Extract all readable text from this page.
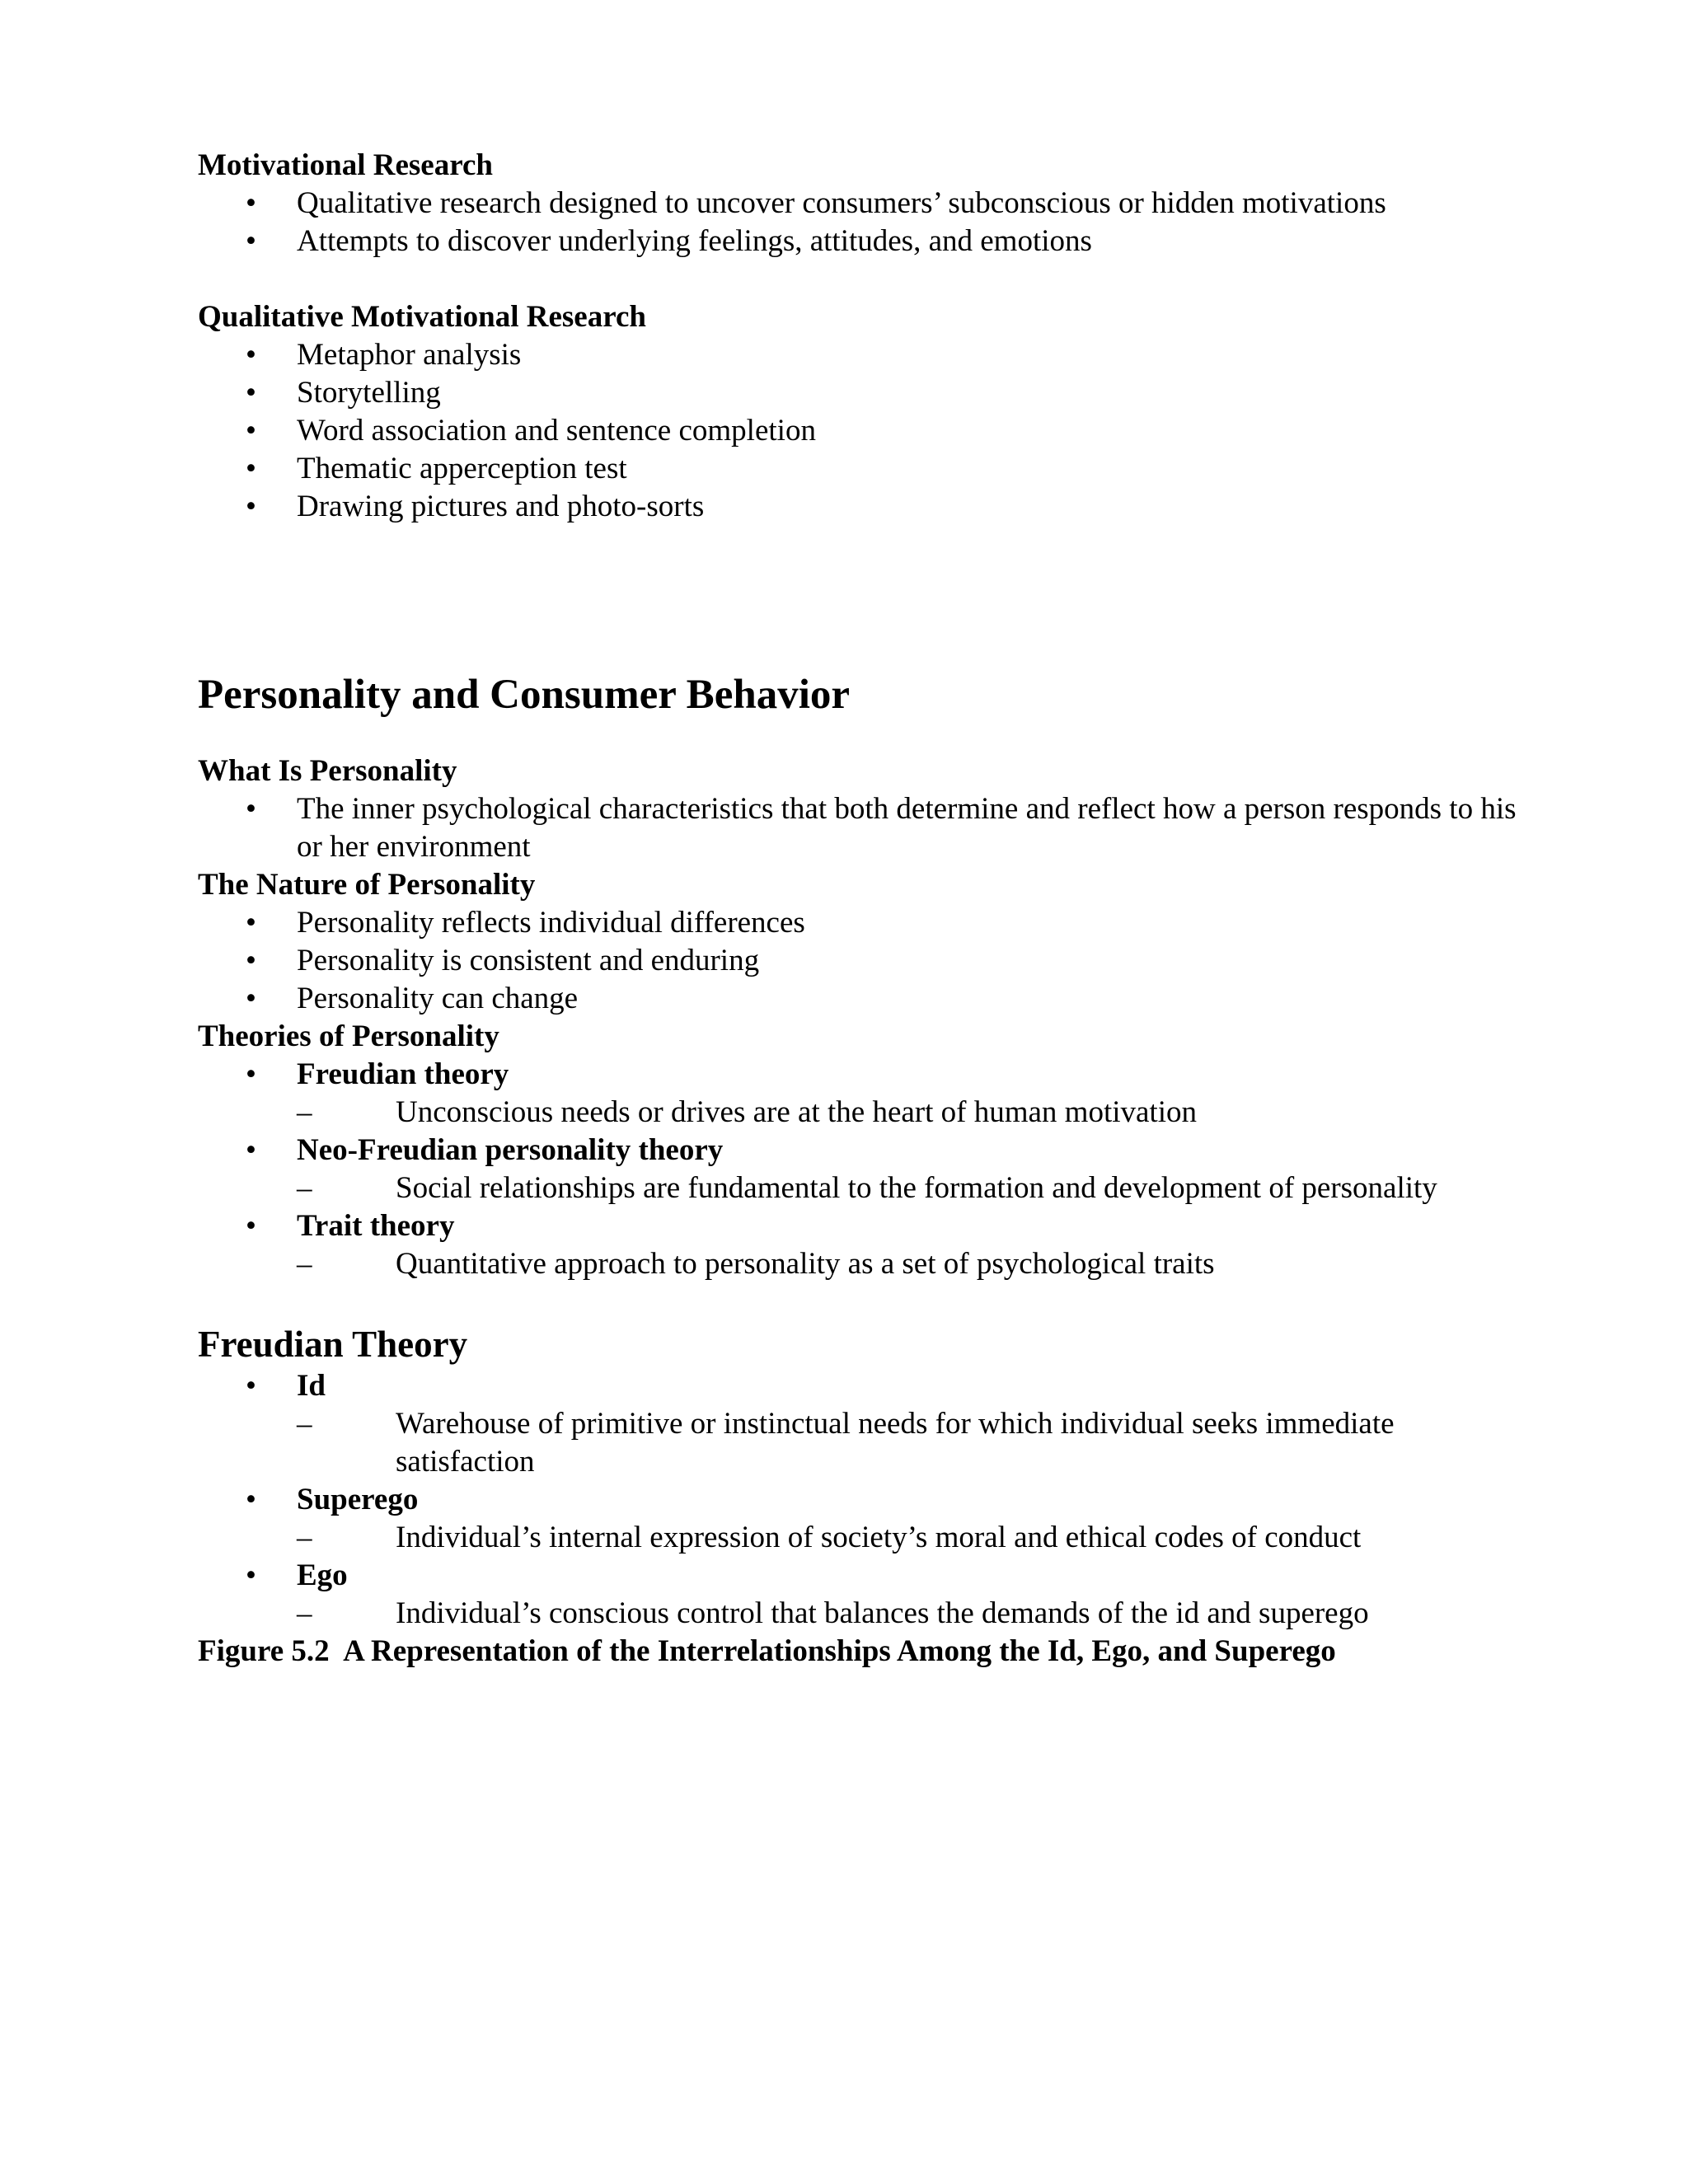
Motivational Research
• Qualitative research designed to uncover consumers’ subconscious or hidden motivations
• Attempts to discover underlying feelings, attitudes, and emotions
Qualitative Motivational Research
• Metaphor analysis
• Storytelling
• Word association and sentence completion
• Thematic apperception test
• Drawing pictures and photo-sorts
Personality and Consumer Behavior
What Is Personality
• The inner psychological characteristics that both determine and reflect how a person responds to his or her environment
The Nature of Personality
• Personality reflects individual differences
• Personality is consistent and enduring
• Personality can change
Theories of Personality
• Freudian theory
–	Unconscious needs or drives are at the heart of human motivation
• Neo-Freudian personality theory
–	Social relationships are fundamental to the formation and development of personality
• Trait theory
–	Quantitative approach to personality as a set of psychological traits
Freudian Theory
• Id
–	Warehouse of primitive or instinctual needs for which individual seeks immediate satisfaction
• Superego
–	Individual’s internal expression of society’s moral and ethical codes of conduct
• Ego
–	Individual’s conscious control that balances the demands of the id and superego
Figure 5.2  A Representation of the Interrelationships Among the Id, Ego, and Superego
